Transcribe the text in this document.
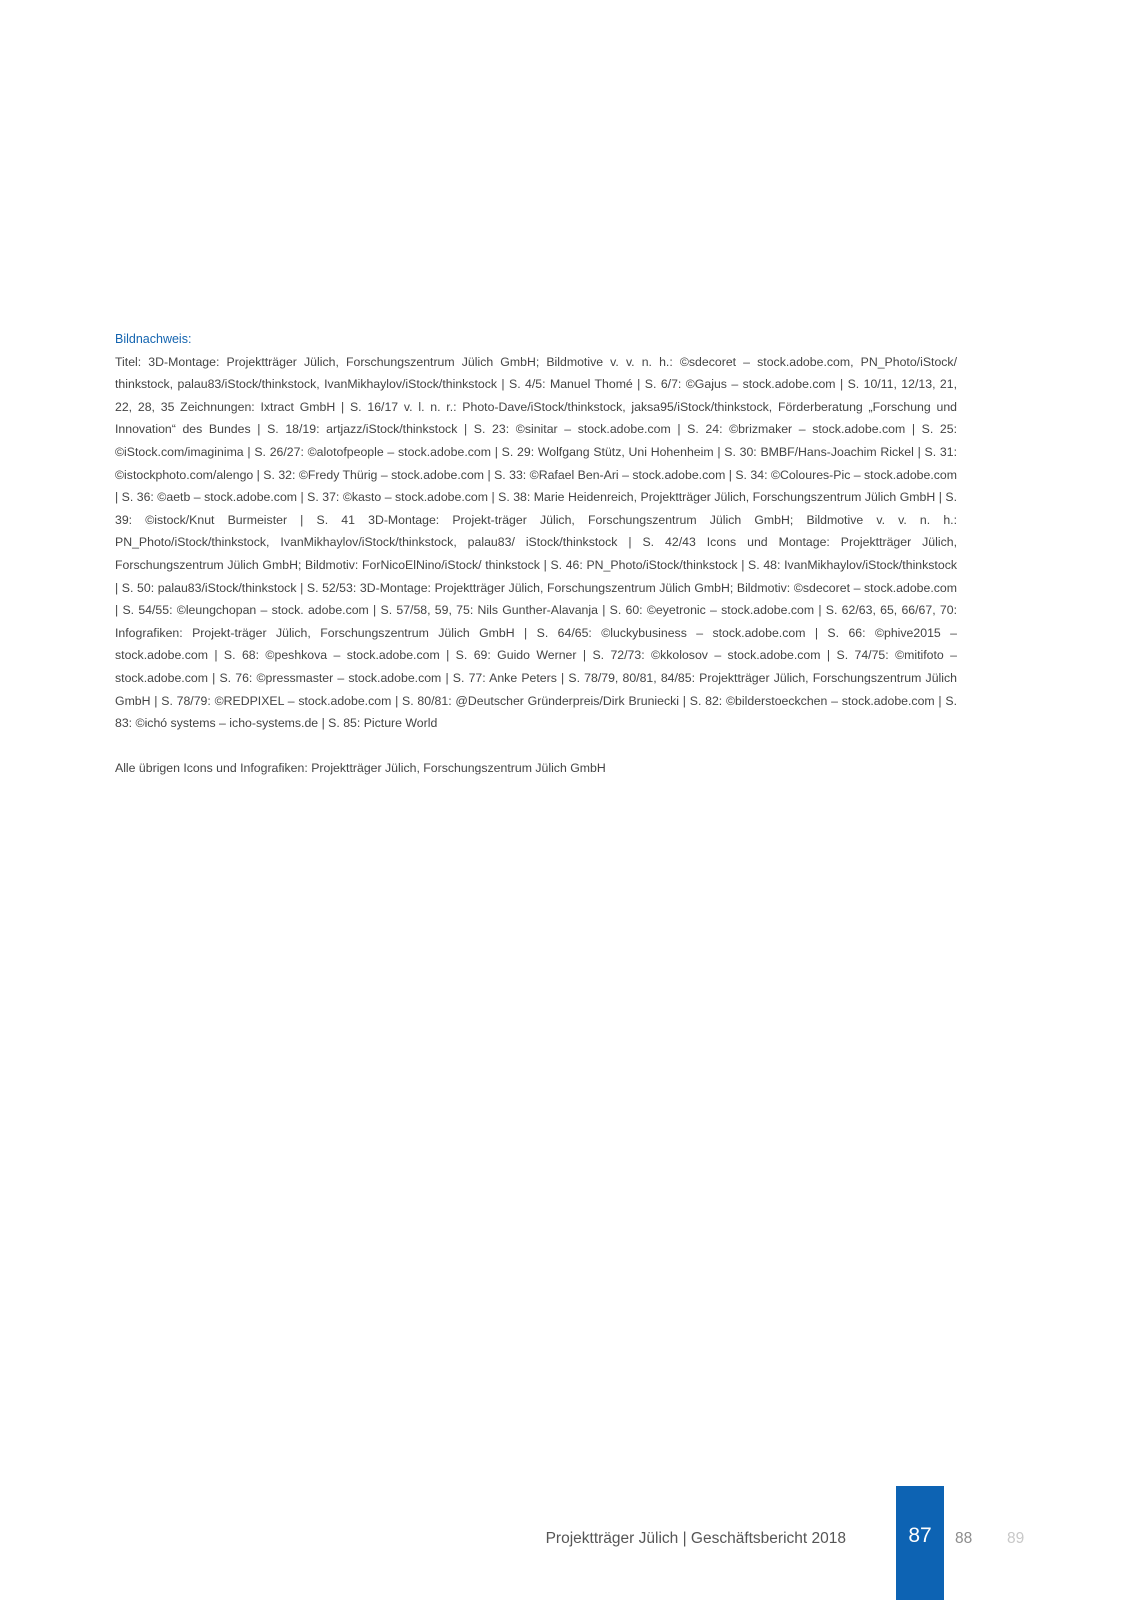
Bildnachweis:

Titel: 3D-Montage: Projektträger Jülich, Forschungszentrum Jülich GmbH; Bildmotive v. v. n. h.: ©sdecoret – stock.adobe.com, PN_Photo/iStock/ thinkstock, palau83/iStock/thinkstock, IvanMikhaylov/iStock/thinkstock | S. 4/5: Manuel Thomé | S. 6/7: ©Gajus – stock.adobe.com | S. 10/11, 12/13, 21, 22, 28, 35 Zeichnungen: Ixtract GmbH | S. 16/17 v. l. n. r.: Photo-Dave/iStock/thinkstock, jaksa95/iStock/thinkstock, Förderberatung „Forschung und Innovation“ des Bundes | S. 18/19: artjazz/iStock/thinkstock | S. 23: ©sinitar – stock.adobe.com | S. 24: ©brizmaker – stock.adobe.com | S. 25: ©iStock.com/imaginima | S. 26/27: ©alotofpeople – stock.adobe.com | S. 29: Wolfgang Stütz, Uni Hohenheim | S. 30: BMBF/Hans-Joachim Rickel | S. 31: ©istockphoto.com/alengo | S. 32: ©Fredy Thürig – stock.adobe.com | S. 33: ©Rafael Ben-Ari – stock.adobe.com | S. 34: ©Coloures-Pic – stock.adobe.com | S. 36: ©aetb – stock.adobe.com | S. 37: ©kasto – stock.adobe.com | S. 38: Marie Heidenreich, Projektträger Jülich, Forschungszentrum Jülich GmbH | S. 39: ©istock/Knut Burmeister | S. 41 3D-Montage: Projekt-träger Jülich, Forschungszentrum Jülich GmbH; Bildmotive v. v. n. h.: PN_Photo/iStock/thinkstock, IvanMikhaylov/iStock/thinkstock, palau83/ iStock/thinkstock | S. 42/43 Icons und Montage: Projektträger Jülich, Forschungszentrum Jülich GmbH; Bildmotiv: ForNicoElNino/iStock/ thinkstock | S. 46: PN_Photo/iStock/thinkstock | S. 48: IvanMikhaylov/iStock/thinkstock | S. 50: palau83/iStock/thinkstock | S. 52/53: 3D-Montage: Projektträger Jülich, Forschungszentrum Jülich GmbH; Bildmotiv: ©sdecoret – stock.adobe.com | S. 54/55: ©leungchopan – stock. adobe.com | S. 57/58, 59, 75: Nils Gunther-Alavanja | S. 60: ©eyetronic – stock.adobe.com | S. 62/63, 65, 66/67, 70: Infografiken: Projekt-träger Jülich, Forschungszentrum Jülich GmbH | S. 64/65: ©luckybusiness – stock.adobe.com | S. 66: ©phive2015 – stock.adobe.com | S. 68: ©peshkova – stock.adobe.com | S. 69: Guido Werner | S. 72/73: ©kkolosov – stock.adobe.com | S. 74/75: ©mitifoto – stock.adobe.com | S. 76: ©pressmaster – stock.adobe.com | S. 77: Anke Peters | S. 78/79, 80/81, 84/85: Projektträger Jülich, Forschungszentrum Jülich GmbH | S. 78/79: ©REDPIXEL – stock.adobe.com | S. 80/81: @Deutscher Gründerpreis/Dirk Bruniecki | S. 82: ©bilderstoeckchen – stock.adobe.com | S. 83: ©ichó systems – icho-systems.de | S. 85: Picture World

Alle übrigen Icons und Infografiken: Projektträger Jülich, Forschungszentrum Jülich GmbH

Projektträger Jülich | Geschäftsbericht 2018	87	88 89
